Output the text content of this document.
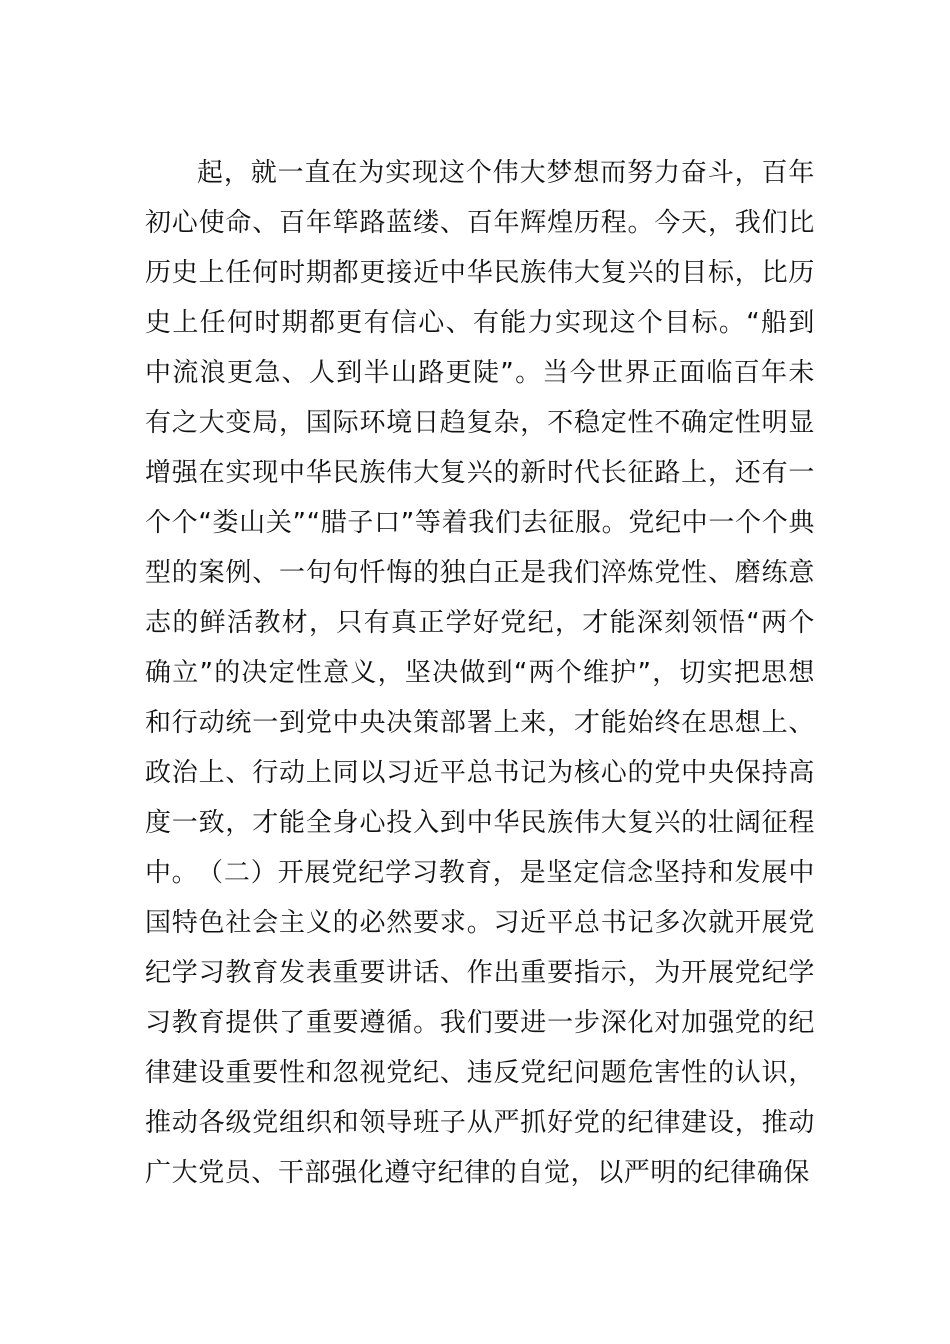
起，就一直在为实现这个伟大梦想而努力奋斗，百年初心使命、百年筚路蓝缕、百年辉煌历程。今天，我们比历史上任何时期都更接近中华民族伟大复兴的目标，比历史上任何时期都更有信心、有能力实现这个目标。“船到中流浪更急、人到半山路更陡”。当今世界正面临百年未有之大变局，国际环境日趋复杂，不稳定性不确定性明显增强在实现中华民族伟大复兴的新时代长征路上，还有一个个“娄山关”“腊子口”等着我们去征服。党纪中一个个典型的案例、一句句忏悔的独白正是我们淬炼党性、磨练意志的鲜活教材，只有真正学好党纪，才能深刻领悟“两个确立”的决定性意义，坚决做到“两个维护”，切实把思想和行动统一到党中央决策部署上来，才能始终在思想上、政治上、行动上同以习近平总书记为核心的党中央保持高度一致，才能全身心投入到中华民族伟大复兴的壮阔征程中。

（二）开展党纪学习教育，是坚定信念坚持和发展中国特色社会主义的必然要求。习近平总书记多次就开展党纪学习教育发表重要讲话、作出重要指示，为开展党纪学习教育提供了重要遵循。我们要进一步深化对加强党的纪律建设重要性和忽视党纪、违反党纪问题危害性的认识，推动各级党组织和领导班子从严抓好党的纪律建设，推动广大党员、干部强化遵守纪律的自觉，以严明的纪律确保
